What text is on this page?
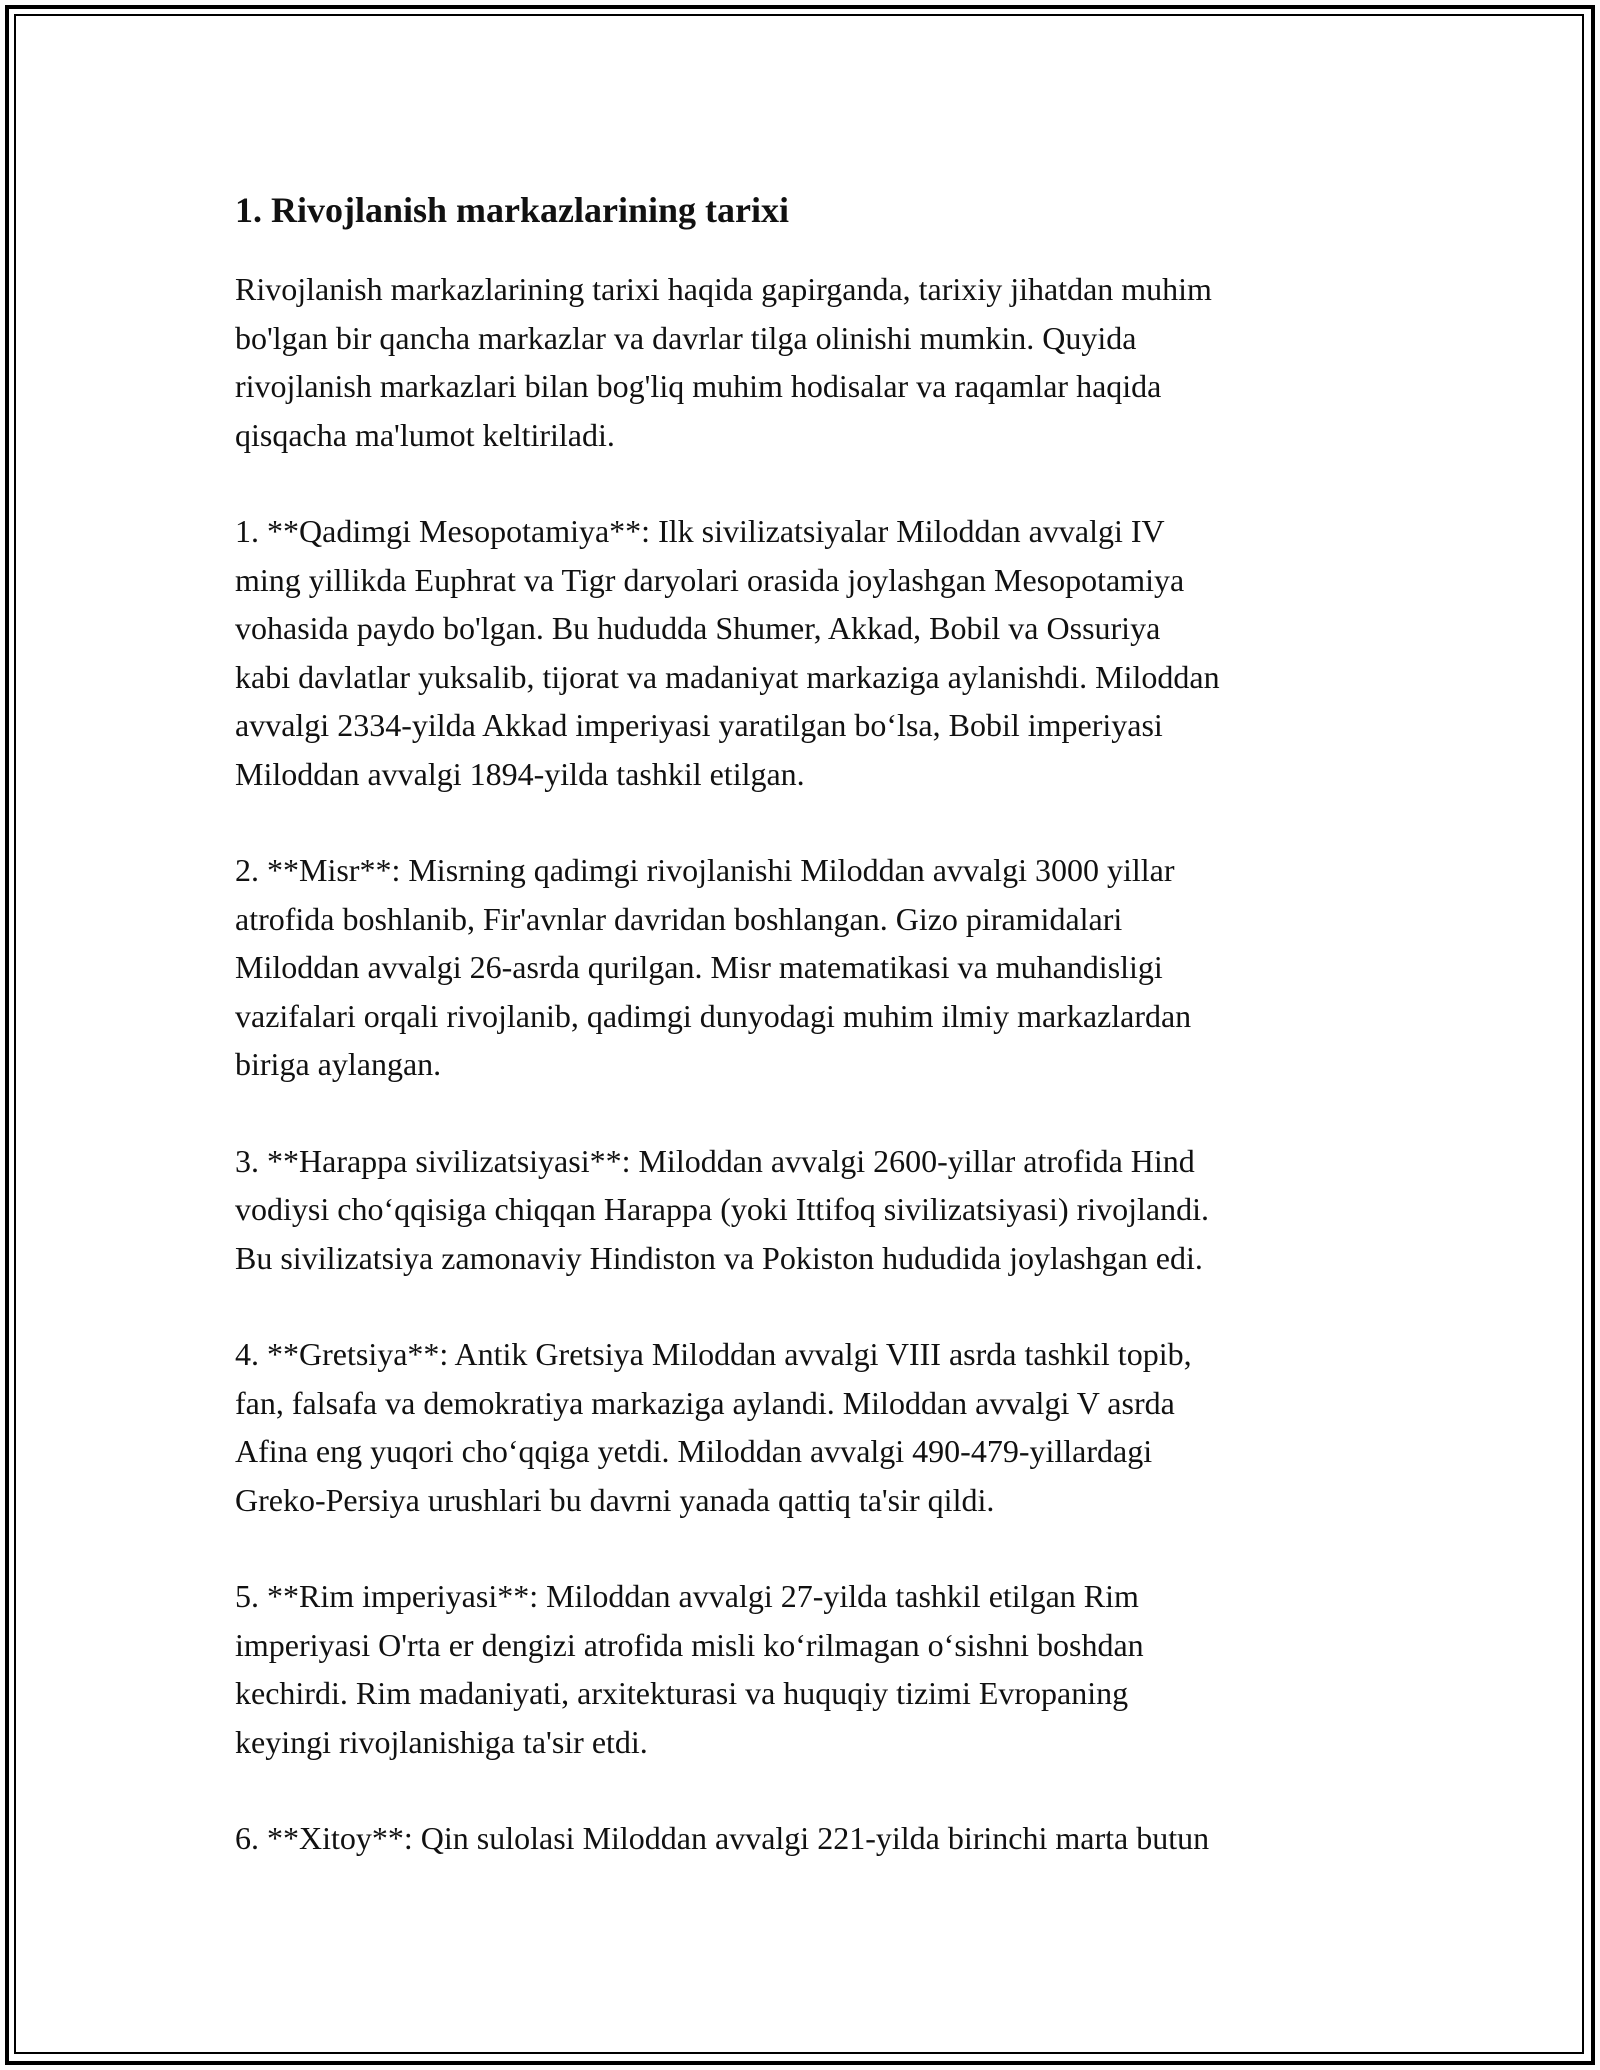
1. Rivojlanish markazlarining tarixi

Rivojlanish markazlarining tarixi haqida gapirganda, tarixiy jihatdan muhim
bo'lgan bir qancha markazlar va davrlar tilga olinishi mumkin. Quyida
rivojlanish markazlari bilan bog'liq muhim hodisalar va raqamlar haqida
qisqacha ma'lumot keltiriladi.

1. **Qadimgi Mesopotamiya**: Ilk sivilizatsiyalar Miloddan avvalgi IV
ming yillikda Euphrat va Tigr daryolari orasida joylashgan Mesopotamiya
vohasida paydo bo'lgan. Bu hududda Shumer, Akkad, Bobil va Ossuriya
kabi davlatlar yuksalib, tijorat va madaniyat markaziga aylanishdi. Miloddan
avvalgi 2334-yilda Akkad imperiyasi yaratilgan bo‘lsa, Bobil imperiyasi
Miloddan avvalgi 1894-yilda tashkil etilgan.

2. **Misr**: Misrning qadimgi rivojlanishi Miloddan avvalgi 3000 yillar
atrofida boshlanib, Fir'avnlar davridan boshlangan. Gizo piramidalari
Miloddan avvalgi 26-asrda qurilgan. Misr matematikasi va muhandisligi
vazifalari orqali rivojlanib, qadimgi dunyodagi muhim ilmiy markazlardan
biriga aylangan.

3. **Harappa sivilizatsiyasi**: Miloddan avvalgi 2600-yillar atrofida Hind
vodiysi cho‘qqisiga chiqqan Harappa (yoki Ittifoq sivilizatsiyasi) rivojlandi.
Bu sivilizatsiya zamonaviy Hindiston va Pokiston hududida joylashgan edi.

4. **Gretsiya**: Antik Gretsiya Miloddan avvalgi VIII asrda tashkil topib,
fan, falsafa va demokratiya markaziga aylandi. Miloddan avvalgi V asrda
Afina eng yuqori cho‘qqiga yetdi. Miloddan avvalgi 490-479-yillardagi
Greko-Persiya urushlari bu davrni yanada qattiq ta'sir qildi.

5. **Rim imperiyasi**: Miloddan avvalgi 27-yilda tashkil etilgan Rim
imperiyasi O'rta er dengizi atrofida misli ko‘rilmagan o‘sishni boshdan
kechirdi. Rim madaniyati, arxitekturasi va huquqiy tizimi Evropaning
keyingi rivojlanishiga ta'sir etdi.

6. **Xitoy**: Qin sulolasi Miloddan avvalgi 221-yilda birinchi marta butun
